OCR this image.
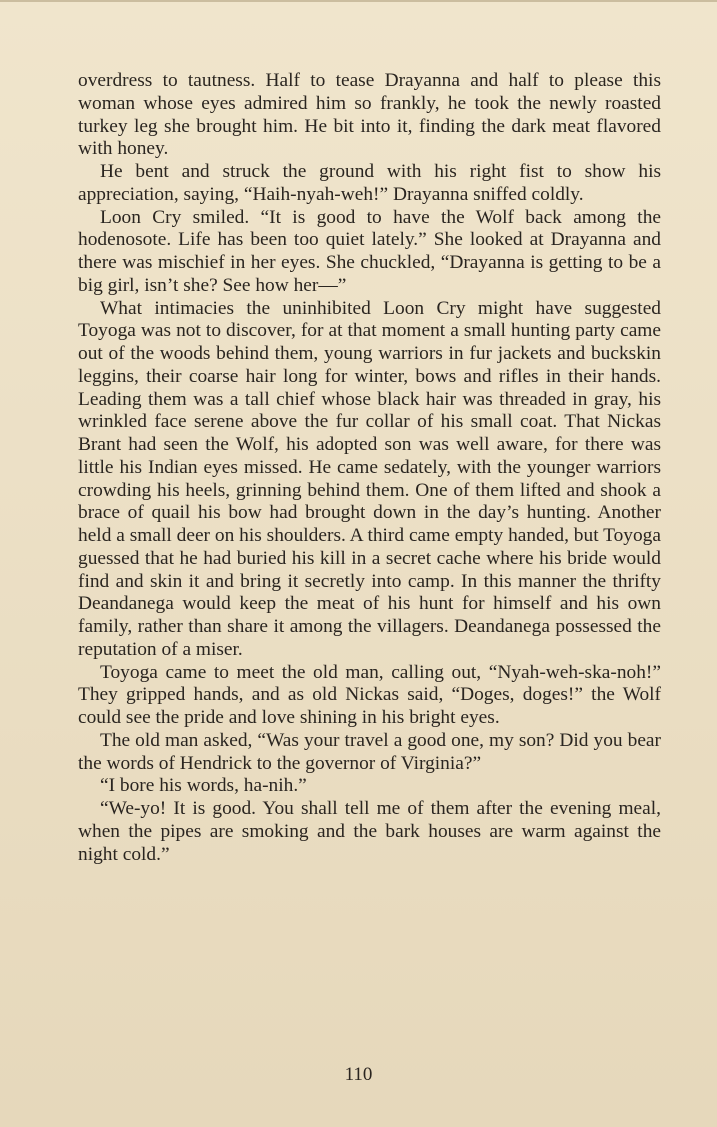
overdress to tautness. Half to tease Drayanna and half to please this woman whose eyes admired him so frankly, he took the newly roasted turkey leg she brought him. He bit into it, finding the dark meat flavored with honey.

He bent and struck the ground with his right fist to show his appreciation, saying, “Haih-nyah-weh!” Drayanna sniffed coldly.

Loon Cry smiled. “It is good to have the Wolf back among the hodenosote. Life has been too quiet lately.” She looked at Drayanna and there was mischief in her eyes. She chuckled, “Drayanna is getting to be a big girl, isn’t she? See how her—”

What intimacies the uninhibited Loon Cry might have suggested Toyoga was not to discover, for at that moment a small hunting party came out of the woods behind them, young warriors in fur jackets and buckskin leggins, their coarse hair long for winter, bows and rifles in their hands. Leading them was a tall chief whose black hair was threaded in gray, his wrinkled face serene above the fur collar of his small coat. That Nickas Brant had seen the Wolf, his adopted son was well aware, for there was little his Indian eyes missed. He came sedately, with the younger warriors crowding his heels, grinning behind them. One of them lifted and shook a brace of quail his bow had brought down in the day’s hunting. Another held a small deer on his shoulders. A third came empty handed, but Toyoga guessed that he had buried his kill in a secret cache where his bride would find and skin it and bring it secretly into camp. In this manner the thrifty Deandanega would keep the meat of his hunt for himself and his own family, rather than share it among the villagers. Deandanega possessed the reputation of a miser.

Toyoga came to meet the old man, calling out, “Nyah-weh-ska-noh!” They gripped hands, and as old Nickas said, “Doges, doges!” the Wolf could see the pride and love shining in his bright eyes.

The old man asked, “Was your travel a good one, my son? Did you bear the words of Hendrick to the governor of Virginia?”

“I bore his words, ha-nih.”

“We-yo! It is good. You shall tell me of them after the evening meal, when the pipes are smoking and the bark houses are warm against the night cold.”

110
